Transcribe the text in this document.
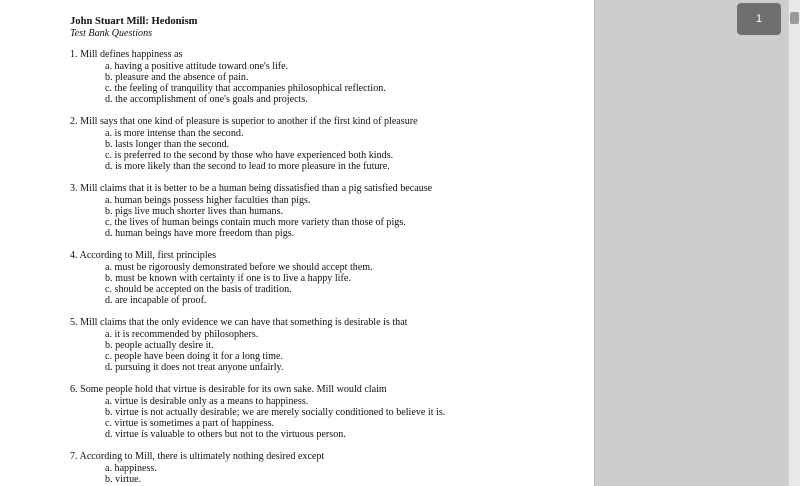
John Stuart Mill: Hedonism
Test Bank Questions
1. Mill defines happiness as
a. having a positive attitude toward one's life.
b. pleasure and the absence of pain.
c. the feeling of tranquility that accompanies philosophical reflection.
d. the accomplishment of one's goals and projects.
2. Mill says that one kind of pleasure is superior to another if the first kind of pleasure
a. is more intense than the second.
b. lasts longer than the second.
c. is preferred to the second by those who have experienced both kinds.
d. is more likely than the second to lead to more pleasure in the future.
3. Mill claims that it is better to be a human being dissatisfied than a pig satisfied because
a. human beings possess higher faculties than pigs.
b. pigs live much shorter lives than humans.
c. the lives of human beings contain much more variety than those of pigs.
d. human beings have more freedom than pigs.
4. According to Mill, first principles
a. must be rigorously demonstrated before we should accept them.
b. must be known with certainty if one is to live a happy life.
c. should be accepted on the basis of tradition.
d. are incapable of proof.
5. Mill claims that the only evidence we can have that something is desirable is that
a. it is recommended by philosophers.
b. people actually desire it.
c. people have been doing it for a long time.
d. pursuing it does not treat anyone unfairly.
6. Some people hold that virtue is desirable for its own sake. Mill would claim
a. virtue is desirable only as a means to happiness.
b. virtue is not actually desirable; we are merely socially conditioned to believe it is.
c. virtue is sometimes a part of happiness.
d. virtue is valuable to others but not to the virtuous person.
7. According to Mill, there is ultimately nothing desired except
a. happiness.
b. virtue.
1
